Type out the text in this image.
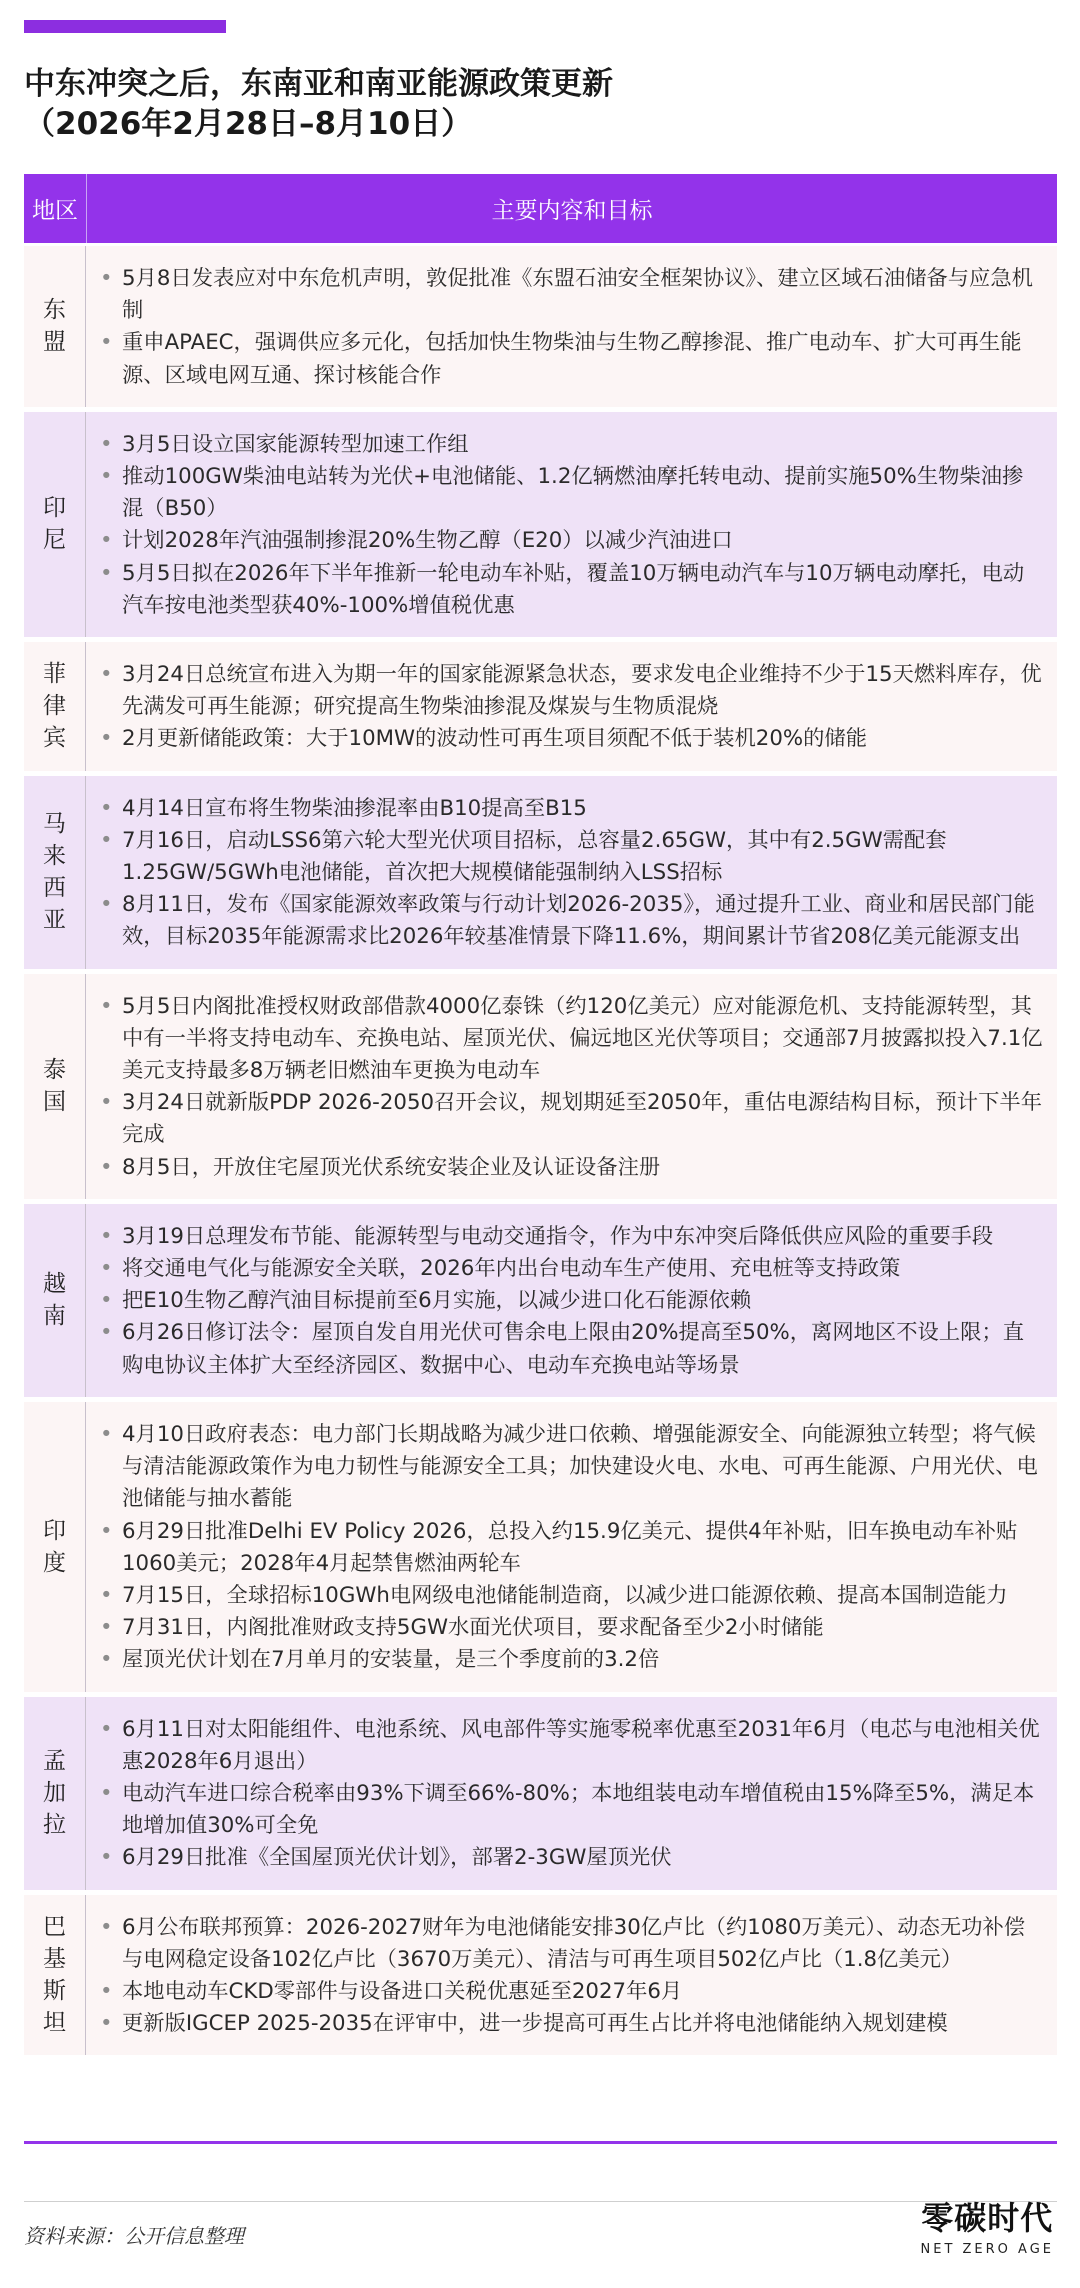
中东冲突之后，东南亚和南亚能源政策更新
（2026年2月28日–8月10日）
地区	主要内容和目标
东盟
• 5月8日发表应对中东危机声明，敦促批准《东盟石油安全框架协议》、建立区域石油储备与应急机制
• 重申APAEC，强调供应多元化，包括加快生物柴油与生物乙醇掺混、推广电动车、扩大可再生能源、区域电网互通、探讨核能合作
印尼
• 3月5日设立国家能源转型加速工作组
• 推动100GW柴油电站转为光伏+电池储能、1.2亿辆燃油摩托转电动、提前实施50%生物柴油掺混（B50）
• 计划2028年汽油强制掺混20%生物乙醇（E20）以减少汽油进口
• 5月5日拟在2026年下半年推新一轮电动车补贴，覆盖10万辆电动汽车与10万辆电动摩托，电动汽车按电池类型获40%-100%增值税优惠
菲律宾
• 3月24日总统宣布进入为期一年的国家能源紧急状态，要求发电企业维持不少于15天燃料库存，优先满发可再生能源；研究提高生物柴油掺混及煤炭与生物质混烧
• 2月更新储能政策：大于10MW的波动性可再生项目须配不低于装机20%的储能
马来西亚
• 4月14日宣布将生物柴油掺混率由B10提高至B15
• 7月16日，启动LSS6第六轮大型光伏项目招标，总容量2.65GW，其中有2.5GW需配套1.25GW/5GWh电池储能，首次把大规模储能强制纳入LSS招标
• 8月11日，发布《国家能源效率政策与行动计划2026-2035》，通过提升工业、商业和居民部门能效，目标2035年能源需求比2026年较基准情景下降11.6%，期间累计节省208亿美元能源支出
泰国
• 5月5日内阁批准授权财政部借款4000亿泰铢（约120亿美元）应对能源危机、支持能源转型，其中有一半将支持电动车、充换电站、屋顶光伏、偏远地区光伏等项目；交通部7月披露拟投入7.1亿美元支持最多8万辆老旧燃油车更换为电动车
• 3月24日就新版PDP 2026-2050召开会议，规划期延至2050年，重估电源结构目标，预计下半年完成
• 8月5日，开放住宅屋顶光伏系统安装企业及认证设备注册
越南
• 3月19日总理发布节能、能源转型与电动交通指令，作为中东冲突后降低供应风险的重要手段
• 将交通电气化与能源安全关联，2026年内出台电动车生产使用、充电桩等支持政策
• 把E10生物乙醇汽油目标提前至6月实施，以减少进口化石能源依赖
• 6月26日修订法令：屋顶自发自用光伏可售余电上限由20%提高至50%，离网地区不设上限；直购电协议主体扩大至经济园区、数据中心、电动车充换电站等场景
印度
• 4月10日政府表态：电力部门长期战略为减少进口依赖、增强能源安全、向能源独立转型；将气候与清洁能源政策作为电力韧性与能源安全工具；加快建设火电、水电、可再生能源、户用光伏、电池储能与抽水蓄能
• 6月29日批准Delhi EV Policy 2026，总投入约15.9亿美元、提供4年补贴，旧车换电动车补贴1060美元；2028年4月起禁售燃油两轮车
• 7月15日，全球招标10GWh电网级电池储能制造商，以减少进口能源依赖、提高本国制造能力
• 7月31日，内阁批准财政支持5GW水面光伏项目，要求配备至少2小时储能
• 屋顶光伏计划在7月单月的安装量，是三个季度前的3.2倍
孟加拉
• 6月11日对太阳能组件、电池系统、风电部件等实施零税率优惠至2031年6月（电芯与电池相关优惠2028年6月退出）
• 电动汽车进口综合税率由93%下调至66%-80%；本地组装电动车增值税由15%降至5%，满足本地增加值30%可全免
• 6月29日批准《全国屋顶光伏计划》，部署2-3GW屋顶光伏
巴基斯坦
• 6月公布联邦预算：2026-2027财年为电池储能安排30亿卢比（约1080万美元）、动态无功补偿与电网稳定设备102亿卢比（3670万美元）、清洁与可再生项目502亿卢比（1.8亿美元）
• 本地电动车CKD零部件与设备进口关税优惠延至2027年6月
• 更新版IGCEP 2025-2035在评审中，进一步提高可再生占比并将电池储能纳入规划建模
资料来源：公开信息整理	零碳时代
NET ZERO AGE
